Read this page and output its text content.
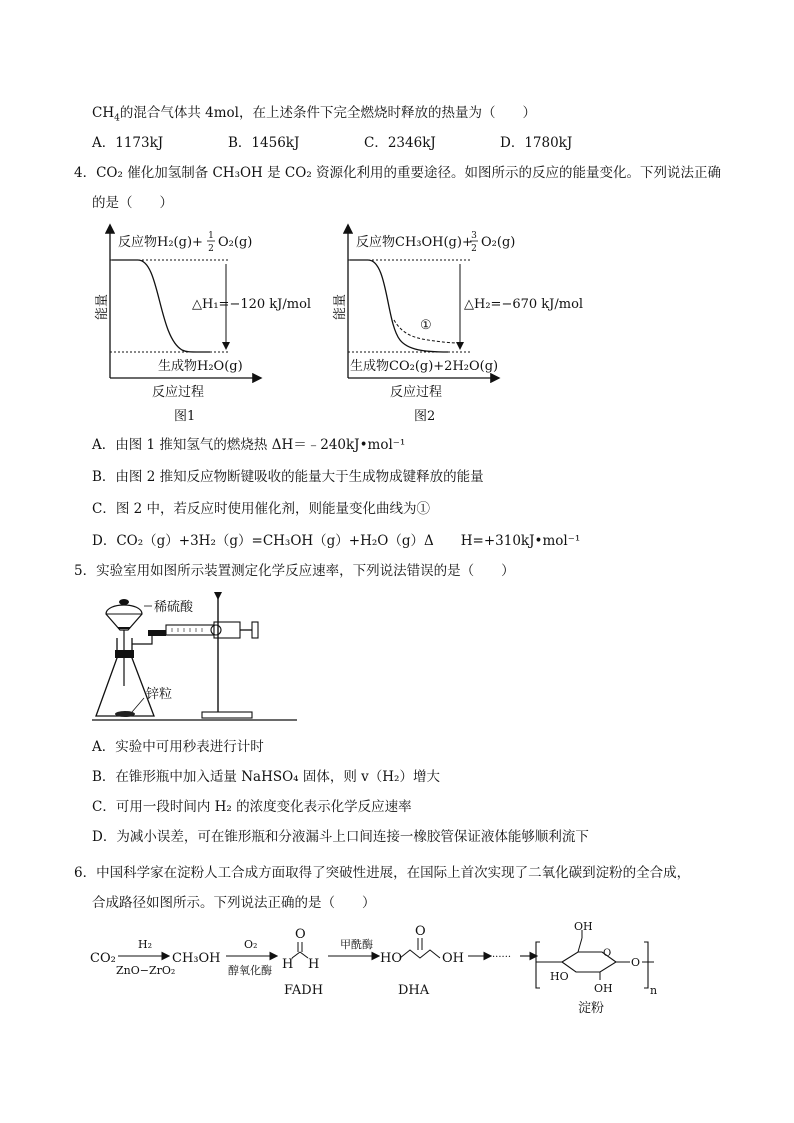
$CH_4$的混合气体共 4mol，在上述条件下完全燃烧时释放的热量为（　　）
A．1173kJ	B．1456kJ	C．2346kJ	D．1780kJ
4．CO₂ 催化加氢制备 CH₃OH 是 CO₂ 资源化利用的重要途径。如图所示的反应的能量变化。下列说法正确
的是（　　）
反应物H₂(g)+ 1
2 O₂(g)
能量	△H₁=−120 kJ/mol
生成物H₂O(g)
反应过程
图1
反应物CH₃OH(g)+
3
2 O₂(g)
能量	△H₂=−670 kJ/mol
①
生成物CO₂(g)+2H₂O(g)
反应过程
图2
A．由图 1 推知氢气的燃烧热 ΔH＝﹣240kJ•mol⁻¹
B．由图 2 推知反应物断键吸收的能量大于生成物成键释放的能量
C．图 2 中，若反应时使用催化剂，则能量变化曲线为①
D．CO₂（g）+3H₂（g）=CH₃OH（g）+H₂O（g）Δ　　H=+310kJ•mol⁻¹
5．实验室用如图所示装置测定化学反应速率，下列说法错误的是（　　）
稀硫酸
锌粒
A．实验中可用秒表进行计时
B．在锥形瓶中加入适量 NaHSO₄ 固体，则 v（H₂）增大
C．可用一段时间内 H₂ 的浓度变化表示化学反应速率
D．为减小误差，可在锥形瓶和分液漏斗上口间连接一橡胶管保证液体能够顺利流下
6．中国科学家在淀粉人工合成方面取得了突破性进展，在国际上首次实现了二氧化碳到淀粉的全合成，
合成路径如图所示。下列说法正确的是（　　）
CO₂
H₂
ZnO−ZrO₂
CH₃OH
O₂
醇氧化酶
O
H H
FADH
甲酰酶
HO
O
OH
DHA
······
OH
O
HO
OH
O
n
淀粉
